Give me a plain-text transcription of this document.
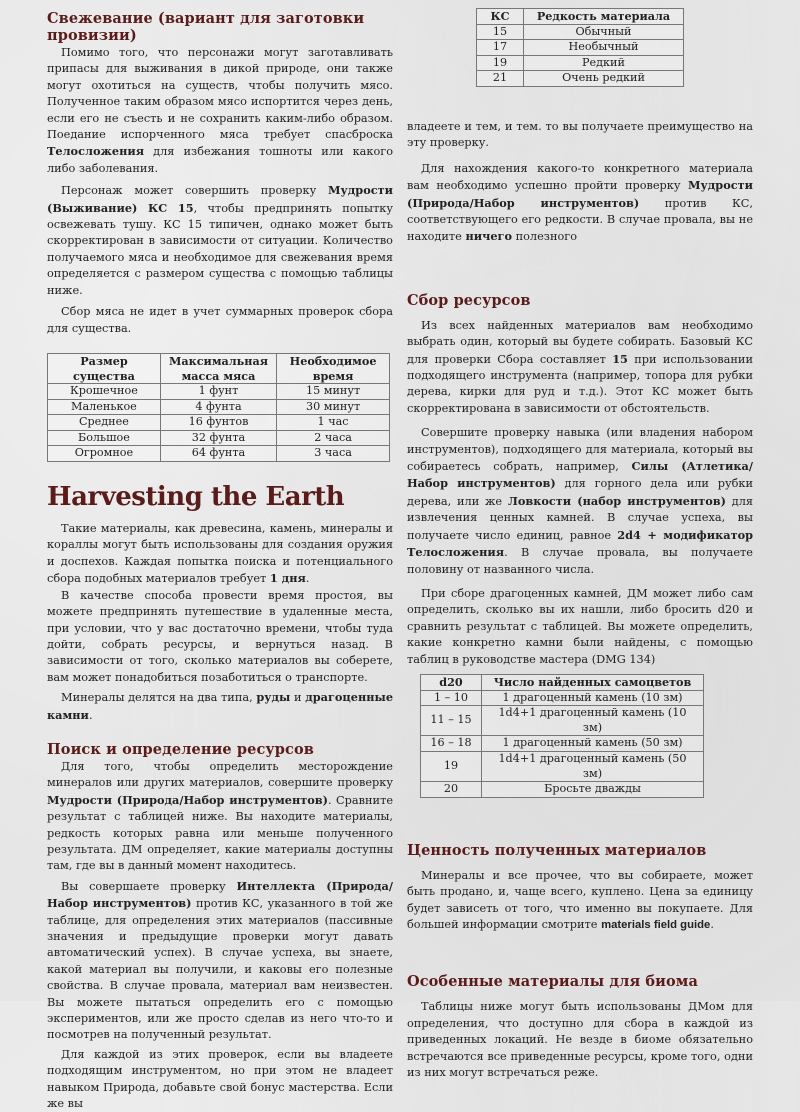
Свежевание (вариант для заготовки провизии)

Помимо того, что персонажи могут заготавливать припасы для выживания в дикой природе, они также могут охотиться на существ, чтобы получить мясо. Полученное таким образом мясо испортится через день, если его не съесть и не сохранить каким-либо образом. Поедание испорченного мяса требует спасброска Телосложения для избежания тошноты или какого либо заболевания.

Персонаж может совершить проверку Мудрости (Выживание) КС 15, чтобы предпринять попытку освежевать тушу. КС 15 типичен, однако может быть скорректирован в зависимости от ситуации. Количество получаемого мяса и необходимое для свежевания время определяется с размером существа с помощью таблицы ниже.

Сбор мяса не идет в учет суммарных проверок сбора для существа.

Размер существа	Максимальная масса мяса	Необходимое время
Крошечное	1 фунт	15 минут
Маленькое	4 фунта	30 минут
Среднее	16 фунтов	1 час
Большое	32 фунта	2 часа
Огромное	64 фунта	3 часа
Harvesting the Earth

Такие материалы, как древесина, камень, минералы и кораллы могут быть использованы для создания оружия и доспехов. Каждая попытка поиска и потенциального сбора подобных материалов требует 1 дня.

В качестве способа провести время простоя, вы можете предпринять путешествие в удаленные места, при условии, что у вас достаточно времени, чтобы туда дойти, собрать ресурсы, и вернуться назад. В зависимости от того, сколько материалов вы соберете, вам может понадобиться позаботиться о транспорте.

Минералы делятся на два типа, руды и драгоценные камни.

Поиск и определение ресурсов

Для того, чтобы определить месторождение минералов или других материалов, совершите проверку Мудрости (Природа/Набор инструментов). Сравните результат с таблицей ниже. Вы находите материалы, редкость которых равна или меньше полученного результата. ДМ определяет, какие материалы доступны там, где вы в данный момент находитесь.

Вы совершаете проверку Интеллекта (Природа/Набор инструментов) против КС, указанного в той же таблице, для определения этих материалов (пассивные значения и предыдущие проверки могут давать автоматический успех). В случае успеха, вы знаете, какой материал вы получили, и каковы его полезные свойства. В случае провала, материал вам неизвестен. Вы можете пытаться определить его с помощью экспериментов, или же просто сделав из него что-то и посмотрев на полученный результат.

Для каждой из этих проверок, если вы владеете подходящим инструментом, но при этом не владеет навыком Природа, добавьте свой бонус мастерства. Если же вы

КС	Редкость материала
15	Обычный
17	Необычный
19	Редкий
21	Очень редкий

владеете и тем, и тем. то вы получаете преимущество на эту проверку.

Для нахождения какого-то конкретного материала вам необходимо успешно пройти проверку Мудрости (Природа/Набор инструментов) против КС, соответствующего его редкости. В случае провала, вы не находите ничего полезного

Сбор ресурсов

Из всех найденных материалов вам необходимо выбрать один, который вы будете собирать. Базовый КС для проверки Сбора составляет 15 при использовании подходящего инструмента (например, топора для рубки дерева, кирки для руд и т.д.). Этот КС может быть скорректирована в зависимости от обстоятельств.

Совершите проверку навыка (или владения набором инструментов), подходящего для материала, который вы собираетесь собрать, например, Силы (Атлетика/Набор инструментов) для горного дела или рубки дерева, или же Ловкости (набор инструментов) для извлечения ценных камней. В случае успеха, вы получаете число единиц, равное 2d4 + модификатор Телосложения. В случае провала, вы получаете половину от названного числа.

При сборе драгоценных камней, ДМ может либо сам определить, сколько вы их нашли, либо бросить d20 и сравнить результат с таблицей. Вы можете определить, какие конкретно камни были найдены, с помощью таблиц в руководстве мастера (DMG 134)

d20	Число найденных самоцветов
1 – 10	1 драгоценный камень (10 зм)
11 – 15	1d4+1 драгоценный камень (10 зм)
16 – 18	1 драгоценный камень (50 зм)
19	1d4+1 драгоценный камень (50 зм)
20	Бросьте дважды
Ценность полученных материалов

Минералы и все прочее, что вы собираете, может быть продано, и, чаще всего, куплено. Цена за единицу будет зависеть от того, что именно вы покупаете. Для большей информации смотрите materials field guide.

Особенные материалы для биома

Таблицы ниже могут быть использованы ДМом для определения, что доступно для сбора в каждой из приведенных локаций. Не везде в биоме обязательно встречаются все приведенные ресурсы, кроме того, одни из них могут встречаться реже.
